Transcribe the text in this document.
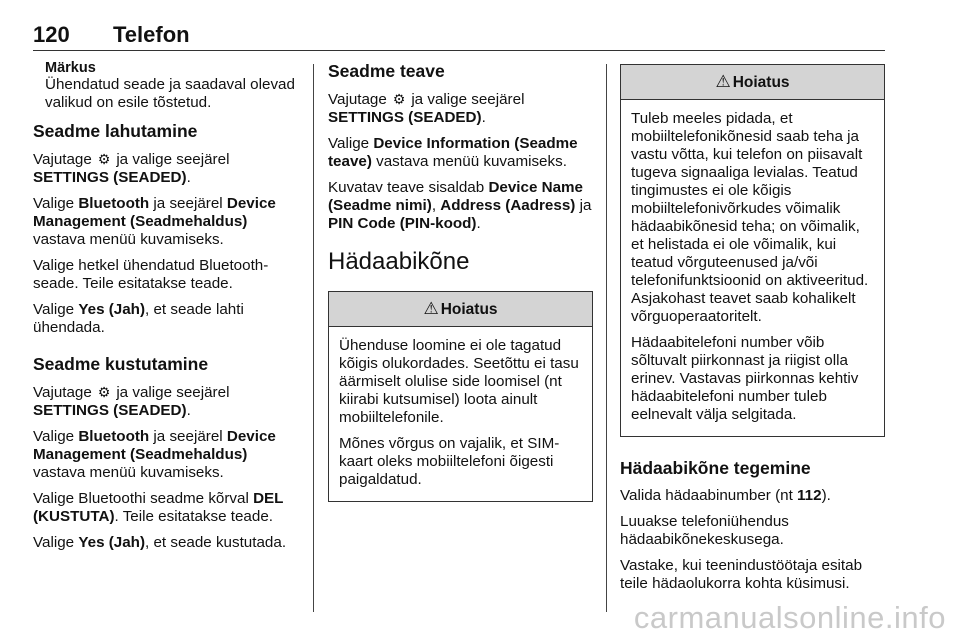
120 Telefon
Märkus
Ühendatud seade ja saadaval olevad valikud on esile tõstetud.
Seadme lahutamine

Vajutage ⚙ ja valige seejärel
SETTINGS (SEADED).

Valige Bluetooth ja seejärel Device Management (Seadmehaldus) vastava menüü kuvamiseks.

Valige hetkel ühendatud Bluetooth-seade. Teile esitatakse teade.

Valige Yes (Jah), et seade lahti ühendada.

Seadme kustutamine

Vajutage ⚙ ja valige seejärel
SETTINGS (SEADED).

Valige Bluetooth ja seejärel Device Management (Seadmehaldus) vastava menüü kuvamiseks.

Valige Bluetoothi seadme kõrval DEL (KUSTUTA). Teile esitatakse teade.

Valige Yes (Jah), et seade kustutada.

Seadme teave

Vajutage ⚙ ja valige seejärel
SETTINGS (SEADED).

Valige Device Information (Seadme teave) vastava menüü kuvamiseks.

Kuvatav teave sisaldab Device Name (Seadme nimi), Address (Aadress) ja PIN Code (PIN-kood).

Hädaabikõne
⚠ Hoiatus

Ühenduse loomine ei ole tagatud kõigis olukordades. Seetõttu ei tasu äärmiselt olulise side loomisel (nt kiirabi kutsumisel) loota ainult mobiiltelefonile.

Mõnes võrgus on vajalik, et SIM-kaart oleks mobiiltelefoni õigesti paigaldatud.

⚠ Hoiatus

Tuleb meeles pidada, et mobiiltelefonikõnesid saab teha ja vastu võtta, kui telefon on piisavalt tugeva signaaliga levialas. Teatud tingimustes ei ole kõigis mobiiltelefonivõrkudes võimalik hädaabikõnesid teha; on võimalik, et helistada ei ole võimalik, kui teatud võrguteenused ja/või telefonifunktsioonid on aktiveeritud. Asjakohast teavet saab kohalikelt võrguoperaatoritelt.

Hädaabitelefoni number võib sõltuvalt piirkonnast ja riigist olla erinev. Vastavas piirkonnas kehtiv hädaabitelefoni number tuleb eelnevalt välja selgitada.

Hädaabikõne tegemine

Valida hädaabinumber (nt 112).

Luuakse telefoniühendus hädaabikõnekeskusega.

Vastake, kui teenindustöötaja esitab teile hädaolukorra kohta küsimusi.

carmanualsonline.info
